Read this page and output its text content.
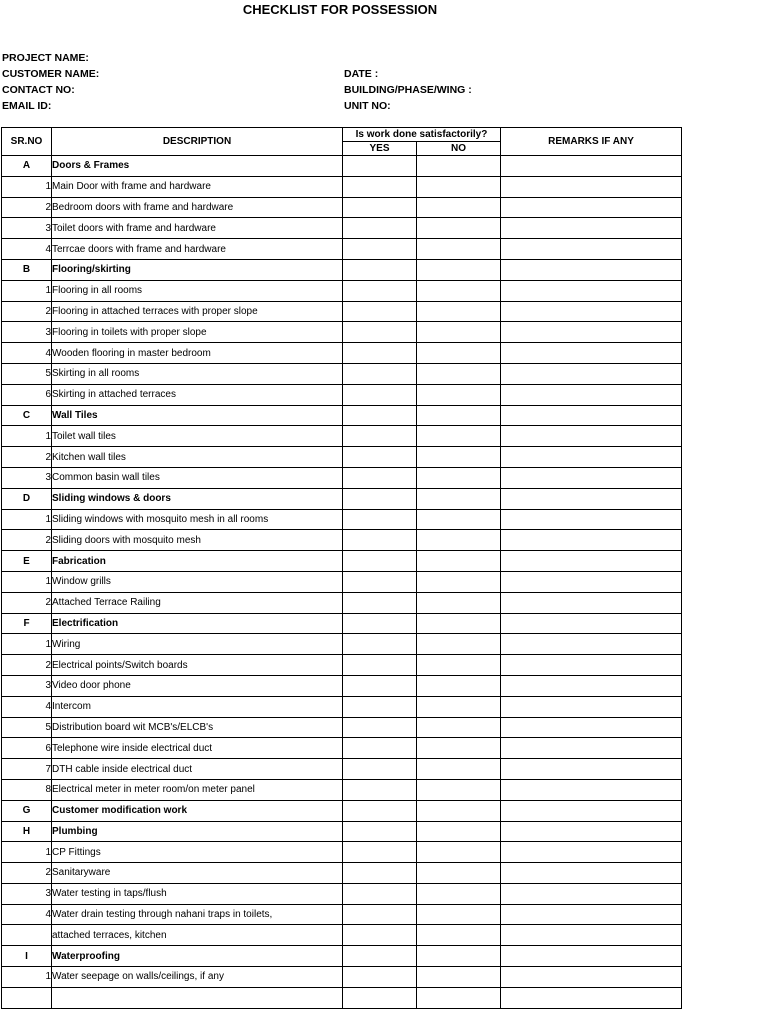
CHECKLIST FOR POSSESSION
PROJECT NAME:
CUSTOMER NAME:
CONTACT NO:
EMAIL ID:
DATE :
BUILDING/PHASE/WING :
UNIT NO:
SR.NO	DESCRIPTION	Is work done satisfactorily?		REMARKS IF ANY
		YES	NO	
A	Doors & Frames			
1	Main Door with frame and hardware			
2	Bedroom doors with frame and hardware			
3	Toilet doors with frame and hardware			
4	Terrcae doors with frame and hardware			
B	Flooring/skirting			
1	Flooring in all rooms			
2	Flooring in attached terraces with proper slope			
3	Flooring in toilets with proper slope			
4	Wooden flooring in master bedroom			
5	Skirting in all rooms			
6	Skirting in attached terraces			
C	Wall Tiles			
1	Toilet wall tiles			
2	Kitchen wall tiles			
3	Common basin wall tiles			
D	Sliding windows & doors			
1	Sliding windows with mosquito mesh in all rooms			
2	Sliding doors with mosquito mesh			
E	Fabrication			
1	Window grills			
2	Attached Terrace Railing			
F	Electrification			
1	Wiring			
2	Electrical points/Switch boards			
3	Video door phone			
4	Intercom			
5	Distribution board wit MCB's/ELCB's			
6	Telephone wire inside electrical duct			
7	DTH cable inside electrical duct			
8	Electrical meter in meter room/on meter panel			
G	Customer modification work			
H	Plumbing			
1	CP Fittings			
2	Sanitaryware			
3	Water testing in taps/flush			
4	Water drain testing through nahani traps in toilets,			
	attached terraces, kitchen			
I	Waterproofing			
1	Water seepage on walls/ceilings, if any			
